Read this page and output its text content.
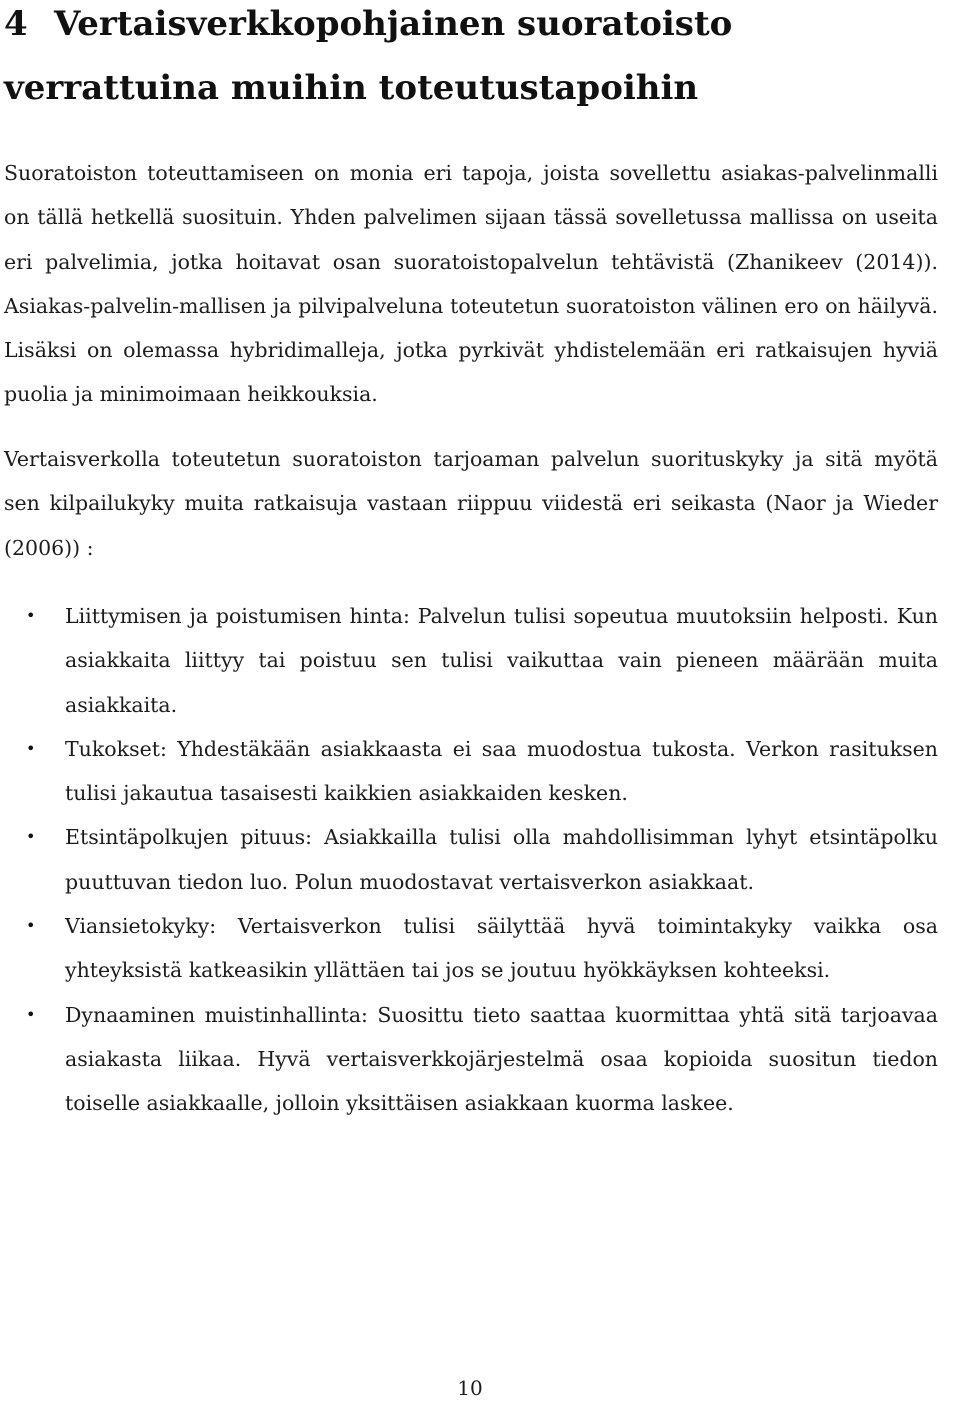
4 Vertaisverkkopohjainen suoratoisto verrattuina muihin toteutustapoihin

Suoratoiston toteuttamiseen on monia eri tapoja, joista sovellettu asiakas-palvelinmalli on tällä hetkellä suosituin. Yhden palvelimen sijaan tässä sovelletussa mallissa on useita eri palvelimia, jotka hoitavat osan suoratoistopalvelun tehtävistä (Zhanikeev (2014)). Asiakas-palvelin-mallisen ja pilvipalveluna toteutetun suoratoiston välinen ero on häilyvä. Lisäksi on olemassa hybridimalleja, jotka pyrkivät yhdistelemään eri ratkaisujen hyviä puolia ja minimoimaan heikkouksia.

Vertaisverkolla toteutetun suoratoiston tarjoaman palvelun suorituskyky ja sitä myötä sen kilpailukyky muita ratkaisuja vastaan riippuu viidestä eri seikasta (Naor ja Wieder (2006)) :

• Liittymisen ja poistumisen hinta: Palvelun tulisi sopeutua muutoksiin helposti. Kun asiakkaita liittyy tai poistuu sen tulisi vaikuttaa vain pieneen määrään muita asiakkaita.
• Tukokset: Yhdestäkään asiakkaasta ei saa muodostua tukosta. Verkon rasituksen tulisi jakautua tasaisesti kaikkien asiakkaiden kesken.
• Etsintäpolkujen pituus: Asiakkailla tulisi olla mahdollisimman lyhyt etsintäpolku puuttuvan tiedon luo. Polun muodostavat vertaisverkon asiakkaat.
• Viansietokyky: Vertaisverkon tulisi säilyttää hyvä toimintakyky vaikka osa yhteyksistä katkeasikin yllättäen tai jos se joutuu hyökkäyksen kohteeksi.
• Dynaaminen muistinhallinta: Suosittu tieto saattaa kuormittaa yhtä sitä tarjoavaa asiakasta liikaa. Hyvä vertaisverkkojärjestelmä osaa kopioida suositun tiedon toiselle asiakkaalle, jolloin yksittäisen asiakkaan kuorma laskee.
10
